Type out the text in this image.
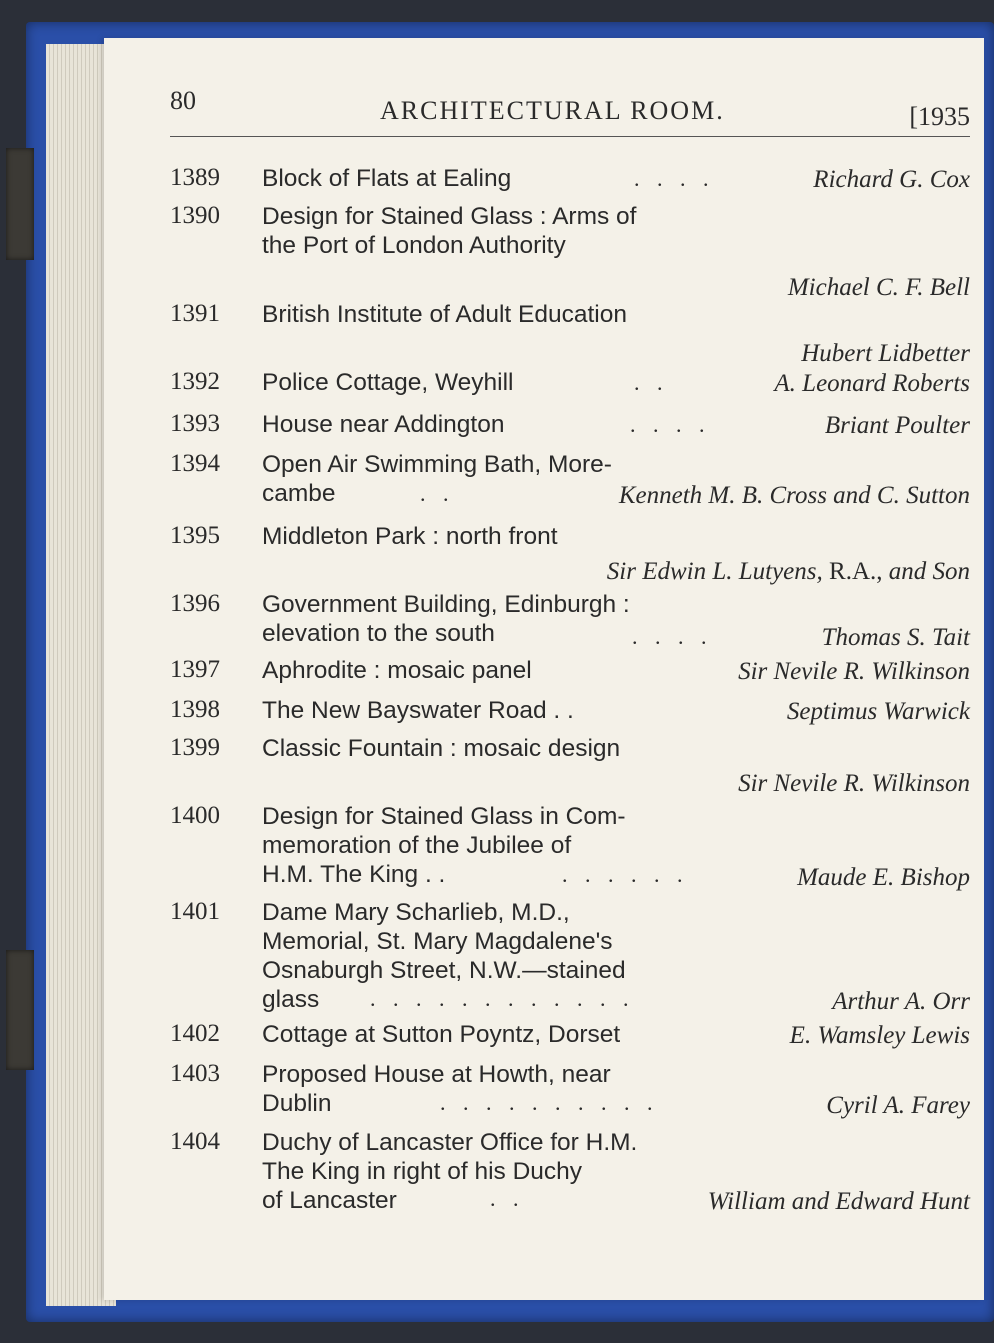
80	ARCHITECTURAL ROOM.	[1935
1389 Block of Flats at Ealing	. . . .	Richard G. Cox
1390 Design for Stained Glass : Arms of
the Port of London Authority
Michael C. F. Bell
1391 British Institute of Adult Education
Hubert Lidbetter
1392 Police Cottage, Weyhill	. .	A. Leonard Roberts
1393 House near Addington	. . . .	Briant Poulter
1394 Open Air Swimming Bath, More-
cambe	. .	Kenneth M. B. Cross and C. Sutton
1395 Middleton Park : north front
Sir Edwin L. Lutyens, R.A., and Son
1396 Government Building, Edinburgh :
elevation to the south	. . . .	Thomas S. Tait
1397 Aphrodite : mosaic panel	Sir Nevile R. Wilkinson
1398 The New Bayswater Road . .	Septimus Warwick
1399 Classic Fountain : mosaic design
Sir Nevile R. Wilkinson
1400 Design for Stained Glass in Com-
memoration of the Jubilee of
H.M. The King . .	. . . . . .	Maude E. Bishop
1401 Dame Mary Scharlieb, M.D.,
Memorial, St. Mary Magdalene's
Osnaburgh Street, N.W.—stained
glass	. . . . . . . . . . . .	Arthur A. Orr
1402 Cottage at Sutton Poyntz, Dorset	E. Wamsley Lewis
1403 Proposed House at Howth, near
Dublin	. . . . . . . . . .	Cyril A. Farey
1404 Duchy of Lancaster Office for H.M.
The King in right of his Duchy
of Lancaster	. .	William and Edward Hunt
